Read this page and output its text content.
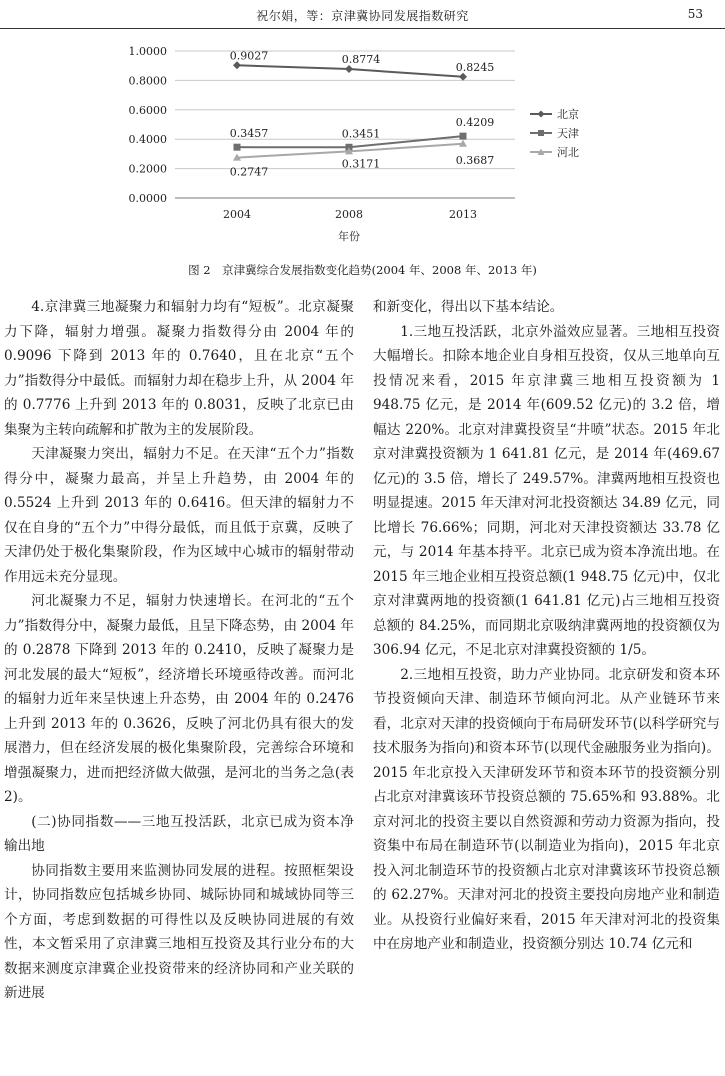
祝尔娟，等：京津冀协同发展指数研究	53
1.0000
0.8000
0.6000
0.4000
0.2000
0.0000
2004	2008	2013
年份
0.9027	0.8774
0.8245
0.3457	0.3451
0.4209
0.2747
0.3171	0.3687
北京
天津
河北
图 2　京津冀综合发展指数变化趋势(2004 年、2008 年、2013 年)

4.京津冀三地凝聚力和辐射力均有“短板”。北京凝聚力下降，辐射力增强。凝聚力指数得分由 2004 年的 0.9096 下降到 2013 年的 0.7640，且在北京“五个力”指数得分中最低。而辐射力却在稳步上升，从 2004 年的 0.7776 上升到 2013 年的 0.8031，反映了北京已由集聚为主转向疏解和扩散为主的发展阶段。

天津凝聚力突出，辐射力不足。在天津“五个力”指数得分中，凝聚力最高，并呈上升趋势，由 2004 年的 0.5524 上升到 2013 年的 0.6416。但天津的辐射力不仅在自身的“五个力”中得分最低，而且低于京冀，反映了天津仍处于极化集聚阶段，作为区域中心城市的辐射带动作用远未充分显现。

河北凝聚力不足，辐射力快速增长。在河北的“五个力”指数得分中，凝聚力最低，且呈下降态势，由 2004 年的 0.2878 下降到 2013 年的 0.2410，反映了凝聚力是河北发展的最大“短板”，经济增长环境亟待改善。而河北的辐射力近年来呈快速上升态势，由 2004 年的 0.2476 上升到 2013 年的 0.3626，反映了河北仍具有很大的发展潜力，但在经济发展的极化集聚阶段，完善综合环境和增强凝聚力，进而把经济做大做强，是河北的当务之急(表 2)。

(二)协同指数——三地互投活跃，北京已成为资本净输出地

协同指数主要用来监测协同发展的进程。按照框架设计，协同指数应包括城乡协同、城际协同和城域协同等三个方面，考虑到数据的可得性以及反映协同进展的有效性，本文暂采用了京津冀三地相互投资及其行业分布的大数据来测度京津冀企业投资带来的经济协同和产业关联的新进展

和新变化，得出以下基本结论。

1.三地互投活跃，北京外溢效应显著。三地相互投资大幅增长。扣除本地企业自身相互投资，仅从三地单向互投情况来看，2015 年京津冀三地相互投资额为 1 948.75 亿元，是 2014 年(609.52 亿元)的 3.2 倍，增幅达 220%。北京对津冀投资呈“井喷”状态。2015 年北京对津冀投资额为 1 641.81 亿元，是 2014 年(469.67 亿元)的 3.5 倍，增长了 249.57%。津冀两地相互投资也明显提速。2015 年天津对河北投资额达 34.89 亿元，同比增长 76.66%；同期，河北对天津投资额达 33.78 亿元，与 2014 年基本持平。北京已成为资本净流出地。在 2015 年三地企业相互投资总额(1 948.75 亿元)中，仅北京对津冀两地的投资额(1 641.81 亿元)占三地相互投资总额的 84.25%，而同期北京吸纳津冀两地的投资额仅为 306.94 亿元，不足北京对津冀投资额的 1/5。

2.三地相互投资，助力产业协同。北京研发和资本环节投资倾向天津、制造环节倾向河北。从产业链环节来看，北京对天津的投资倾向于布局研发环节(以科学研究与技术服务为指向)和资本环节(以现代金融服务业为指向)。2015 年北京投入天津研发环节和资本环节的投资额分别占北京对津冀该环节投资总额的 75.65%和 93.88%。北京对河北的投资主要以自然资源和劳动力资源为指向，投资集中布局在制造环节(以制造业为指向)，2015 年北京投入河北制造环节的投资额占北京对津冀该环节投资总额的 62.27%。天津对河北的投资主要投向房地产业和制造业。从投资行业偏好来看，2015 年天津对河北的投资集中在房地产业和制造业，投资额分别达 10.74 亿元和
